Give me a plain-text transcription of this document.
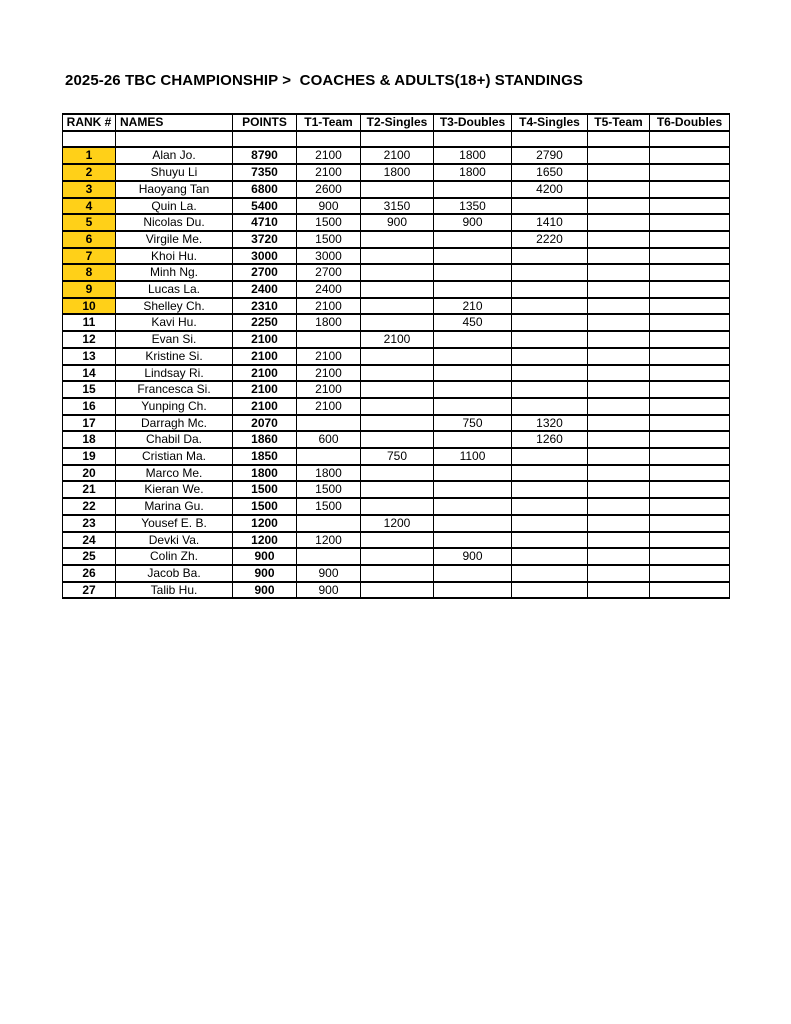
2025-26 TBC CHAMPIONSHIP >  COACHES & ADULTS(18+) STANDINGS
RANK #	NAMES	POINTS	T1-Team	T2-Singles	T3-Doubles	T4-Singles	T5-Team	T6-Doubles

1	Alan Jo.	8790	2100	2100	1800	2790		
2	Shuyu Li	7350	2100	1800	1800	1650		
3	Haoyang Tan	6800	2600			4200		
4	Quin La.	5400	900	3150	1350			
5	Nicolas Du.	4710	1500	900	900	1410		
6	Virgile Me.	3720	1500			2220		
7	Khoi Hu.	3000	3000					
8	Minh Ng.	2700	2700					
9	Lucas La.	2400	2400					
10	Shelley Ch.	2310	2100		210			
11	Kavi Hu.	2250	1800		450			
12	Evan Si.	2100		2100				
13	Kristine Si.	2100	2100					
14	Lindsay Ri.	2100	2100					
15	Francesca Si.	2100	2100					
16	Yunping Ch.	2100	2100					
17	Darragh Mc.	2070			750	1320		
18	Chabil Da.	1860	600			1260		
19	Cristian Ma.	1850		750	1100			
20	Marco Me.	1800	1800					
21	Kieran We.	1500	1500					
22	Marina Gu.	1500	1500					
23	Yousef E. B.	1200		1200				
24	Devki Va.	1200	1200					
25	Colin Zh.	900			900			
26	Jacob Ba.	900	900					
27	Talib Hu.	900	900					
